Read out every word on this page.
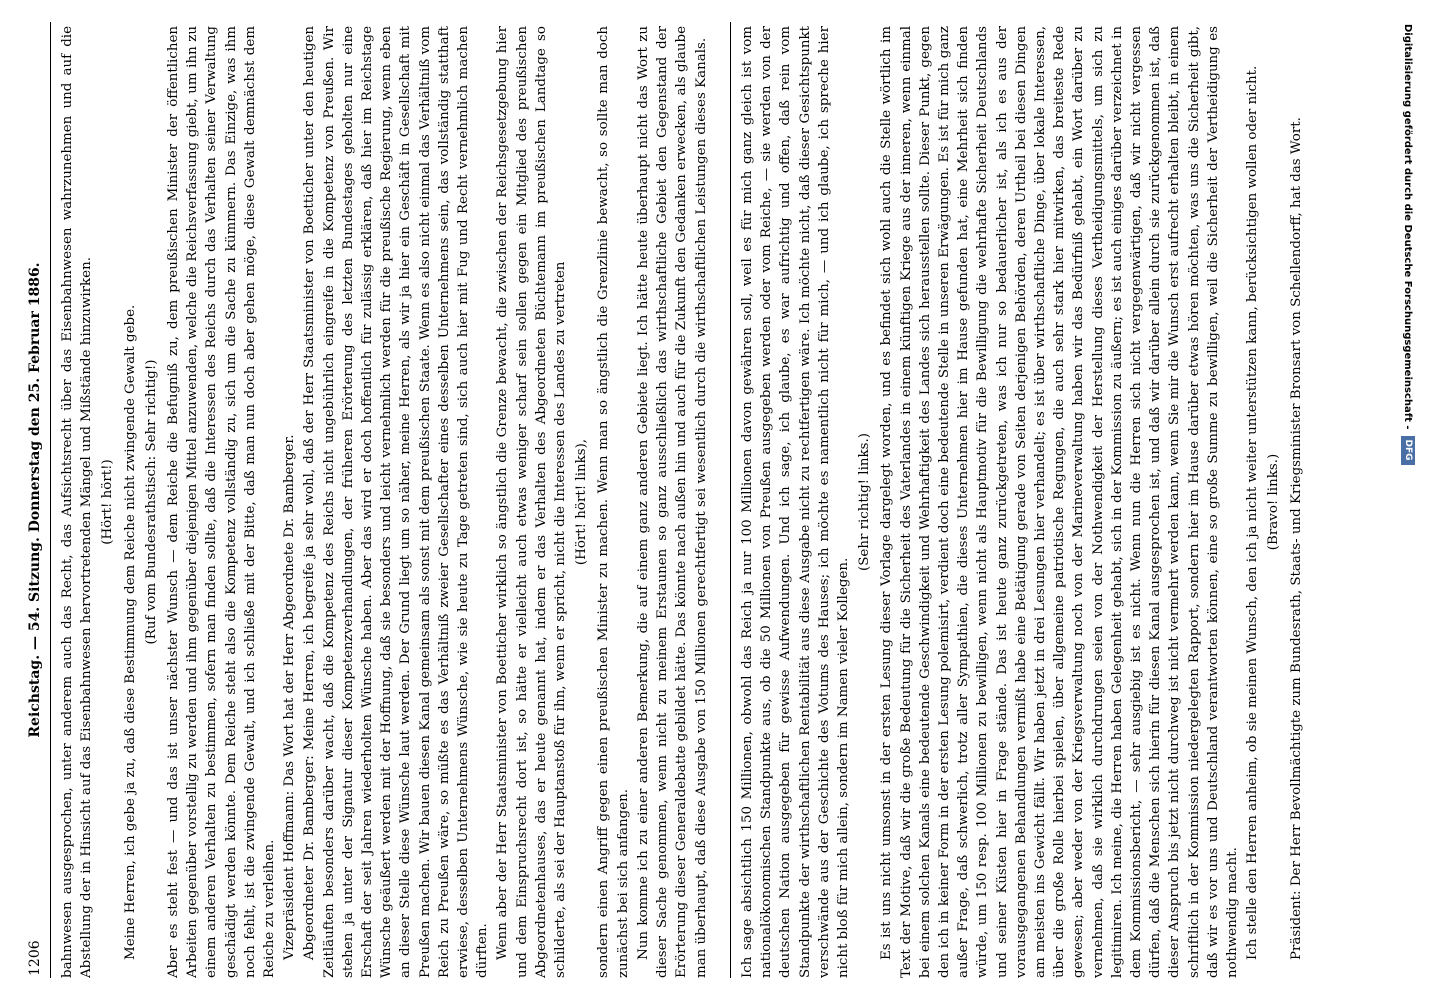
1206
Reichstag. — 54. Sitzung. Donnerstag den 25. Februar 1886.	bahnwesen ausgesprochen, unter anderem auch das Recht, das Aufsichtsrecht über das Eisenbahnwesen wahrzunehmen und auf die Abstellung der in Hinsicht auf das Eisenbahnwesen hervortretenden Mängel und Mißstände hinzuwirken. (Hört! hört!) Meine Herren, ich gebe ja zu, daß diese Bestimmung dem Reiche nicht zwingende Gewalt gebe. (Ruf vom Bundesrathstisch: Sehr richtig!) Aber es steht fest — und das ist unser nächster Wunsch — dem Reiche die Befugniß zu, dem preußischen Minister der öffentlichen Arbeiten gegenüber vorstellig zu werden und ihm gegenüber diejenigen Mittel anzuwenden, welche die Reichsverfassung giebt, um ihn zu einem anderen Verhalten zu bestimmen, sofern man finden sollte, daß die Interessen des Reichs durch das Verhalten seiner Verwaltung geschädigt werden könnte. Dem Reiche steht also die Kompetenz vollständig zu, sich um die Sache zu kümmern. Das Einzige, was ihm noch fehlt, ist die zwingende Gewalt, und ich schließe mit der Bitte, daß man nun doch aber gehen möge, diese Gewalt demnächst dem Reiche zu verleihen. Vizepräsident Hoffmann: Das Wort hat der Herr Abgeordnete Dr. Bamberger. Abgeordneter Dr. Bamberger: Meine Herren, ich begreife ja sehr wohl, daß der Herr Staatsminister von Boetticher unter den heutigen Zeitläuften besonders darüber wacht, daß die Kompetenz des Reichs nicht ungebührlich eingreife in die Kompetenz von Preußen. Wir stehen ja unter der Signatur dieser Kompetenzverhandlungen, der früheren Erörterung des letzten Bundestages geholten nur eine Erschaft der seit Jahren wiederholten Wünsche haben. Aber das wird er doch hoffentlich für zulässig erklären, daß hier im Reichstage Wünsche geäußert werden mit der Hoffnung, daß sie besonders und leicht vernehmlich werden für die preußische Regierung, wenn eben an dieser Stelle diese Wünsche laut werden. Der Grund liegt um so näher, meine Herren, als wir ja hier ein Geschäft in Gesellschaft mit Preußen machen. Wir bauen diesen Kanal gemeinsam als sonst mit dem preußischen Staate. Wenn es also nicht einmal das Verhältniß vom Reich zu Preußen wäre, so müßte es das Verhältniß zweier Gesellschafter eines desselben Unternehmens sein, das vollständig statthaft erwiese, desselben Unternehmens Wünsche, wie sie heute zu Tage getreten sind, sich auch hier mit Fug und Recht vernehmlich machen dürften. Wenn aber der Herr Staatsminister von Boetticher wirklich so ängstlich die Grenze bewacht, die zwischen der Reichsgesetzgebung hier und dem Einspruchsrecht dort ist, so hätte er vielleicht auch etwas weniger scharf sein sollen gegen ein Mitglied des preußischen Abgeordnetenhauses, das er heute genannt hat, indem er das Verhalten des Abgeordneten Büchtemann im preußischen Landtage so schilderte, als sei der Hauptanstoß für ihn, wenn er spricht, nicht die Interessen des Landes zu vertreten (Hört! hört! links), sondern einen Angriff gegen einen preußischen Minister zu machen. Wenn man so ängstlich die Grenzlinie bewacht, so sollte man doch zunächst bei sich anfangen. Nun komme ich zu einer anderen Bemerkung, die auf einem ganz anderen Gebiete liegt. Ich hätte heute überhaupt nicht das Wort zu dieser Sache genommen, wenn nicht zu meinem Erstaunen so ganz ausschließlich das wirthschaftliche Gebiet den Gegenstand der Erörterung dieser Generaldebatte gebildet hätte. Das könnte nach außen hin und auch für die Zukunft den Gedanken erwecken, als glaube man überhaupt, daß diese Ausgabe von 150 Millionen gerechtfertigt sei wesentlich durch die wirthschaftlichen Leistungen dieses Kanals. Ich sage absichtlich 150 Millionen, obwohl das Reich ja nur 100 Millionen davon gewähren soll, weil es für mich ganz gleich ist vom nationalökonomischen Standpunkte aus, ob die 50 Millionen von Preußen ausgegeben werden oder vom Reiche, — sie werden von der deutschen Nation ausgegeben für gewisse Aufwendungen. Und ich sage, ich glaube, es war aufrichtig und offen, daß rein vom Standpunkte der wirthschaftlichen Rentabilität aus diese Ausgabe nicht zu rechtfertigen wäre. Ich möchte nicht, daß dieser Gesichtspunkt verschwände aus der Geschichte des Votums des Hauses; ich möchte es namentlich nicht für mich, — und ich glaube, ich spreche hier nicht bloß für mich allein, sondern im Namen vieler Kollegen.

(Sehr richtig! links.) Es ist uns nicht umsonst in der ersten Lesung dieser Vorlage dargelegt worden, und es befindet sich wohl auch die Stelle wörtlich im Text der Motive, daß wir die große Bedeutung für die Sicherheit des Vaterlandes in einem künftigen Kriege aus der inneren, wenn einmal bei einem solchen Kanals eine bedeutende Geschwindigkeit und Wehrhaftigkeit des Landes sich herausstellen sollte. Dieser Punkt, gegen den ich in keiner Form in der ersten Lesung polemisirt, verdient doch eine bedeutende Stelle in unseren Erwägungen. Es ist für mich ganz außer Frage, daß schwerlich, trotz aller Sympathien, die dieses Unternehmen hier im Hause gefunden hat, eine Mehrheit sich finden würde, um 150 resp. 100 Millionen zu bewilligen, wenn nicht als Hauptmotiv für die Bewilligung die wehrhafte Sicherheit Deutschlands und seiner Küsten hier in Frage stände. Das ist heute ganz zurückgetreten, was ich nur so bedauerlicher ist, als ich es aus der vorausgegangenen Behandlungen vermißt habe eine Betätigung gerade von Seiten derjenigen Behörden, deren Urtheil bei diesen Dingen am meisten ins Gewicht fällt. Wir haben jetzt in drei Lesungen hier verhandelt; es ist über wirthschaftliche Dinge, über lokale Interessen, über die große Rolle hierbei spielen, über allgemeine patriotische Regungen, die auch sehr stark hier mitwirken, das breiteste Rede gewesen; aber weder von der Kriegsverwaltung noch von der Marineverwaltung haben wir das Bedürfniß gehabt, ein Wort darüber zu vernehmen, daß sie wirklich durchdrungen seien von der Nothwendigkeit der Herstellung dieses Vertheidigungsmittels, um sich zu legitimiren. Ich meine, die Herren haben Gelegenheit gehabt, sich in der Kommission zu äußern; es ist auch einiges darüber verzeichnet in dem Kommissionsbericht, — sehr ausgiebig ist es nicht. Wenn nun die Herren sich nicht vergegenwärtigen, daß wir nicht vergessen dürfen, daß die Menschen sich hierin für diesen Kanal ausgesprochen ist, und daß wir darüber allein durch sie zurückgenommen ist, daß dieser Anspruch bis jetzt nicht durchweg ist nicht vermehrt werden kann, wenn Sie mir die Wunsch erst aufrecht erhalten bleibt, in einem schriftlich in der Kommission niedergelegten Rapport, sondern hier im Hause darüber etwas hören möchten, was uns die Sicherheit gibt, daß wir es vor uns und Deutschland verantworten können, eine so große Summe zu bewilligen, weil die Sicherheit der Vertheidigung es nothwendig macht. Ich stelle den Herren anheim, ob sie meinen Wunsch, den ich ja nicht weiter unterstützen kann, berücksichtigen wollen oder nicht. (Bravo! links.) Präsident: Der Herr Bevollmächtigte zum Bundesrath, Staats- und Kriegsminister Bronsart von Schellendorff, hat das Wort.	Digitalisierung gefördert durch die Deutsche Forschungsgemeinschaft -DFG
